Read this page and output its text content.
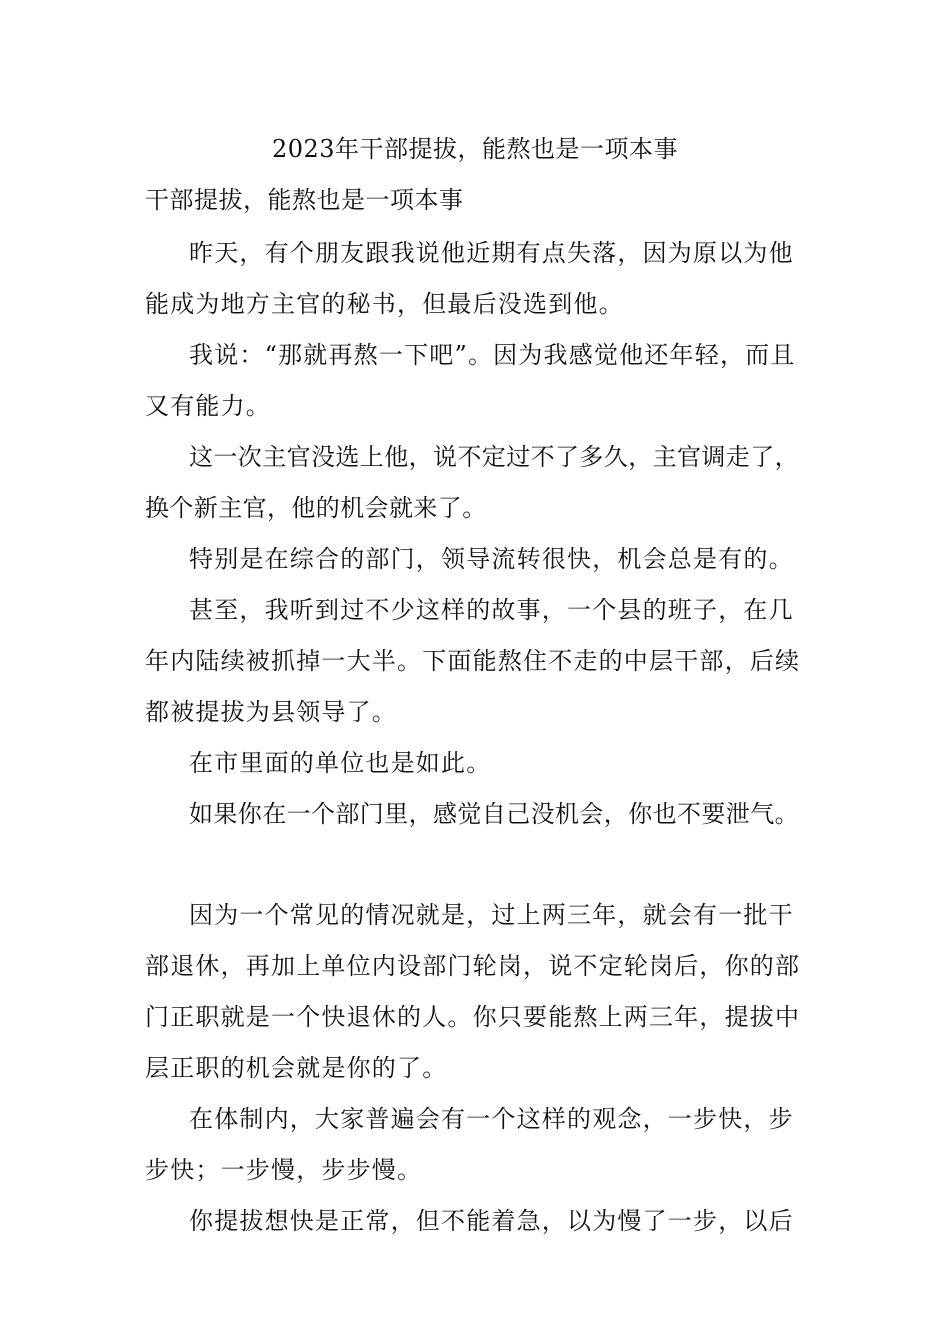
2023年干部提拔，能熬也是一项本事
干部提拔，能熬也是一项本事

昨天，有个朋友跟我说他近期有点失落，因为原以为他能成为地方主官的秘书，但最后没选到他。

我说：“那就再熬一下吧”。因为我感觉他还年轻，而且又有能力。

这一次主官没选上他，说不定过不了多久，主官调走了，换个新主官，他的机会就来了。

特别是在综合的部门，领导流转很快，机会总是有的。

甚至，我听到过不少这样的故事，一个县的班子，在几年内陆续被抓掉一大半。下面能熬住不走的中层干部，后续都被提拔为县领导了。

在市里面的单位也是如此。

如果你在一个部门里，感觉自己没机会，你也不要泄气。

因为一个常见的情况就是，过上两三年，就会有一批干部退休，再加上单位内设部门轮岗，说不定轮岗后，你的部门正职就是一个快退休的人。你只要能熬上两三年，提拔中层正职的机会就是你的了。

在体制内，大家普遍会有一个这样的观念，一步快，步步快；一步慢，步步慢。

你提拔想快是正常，但不能着急，以为慢了一步，以后
